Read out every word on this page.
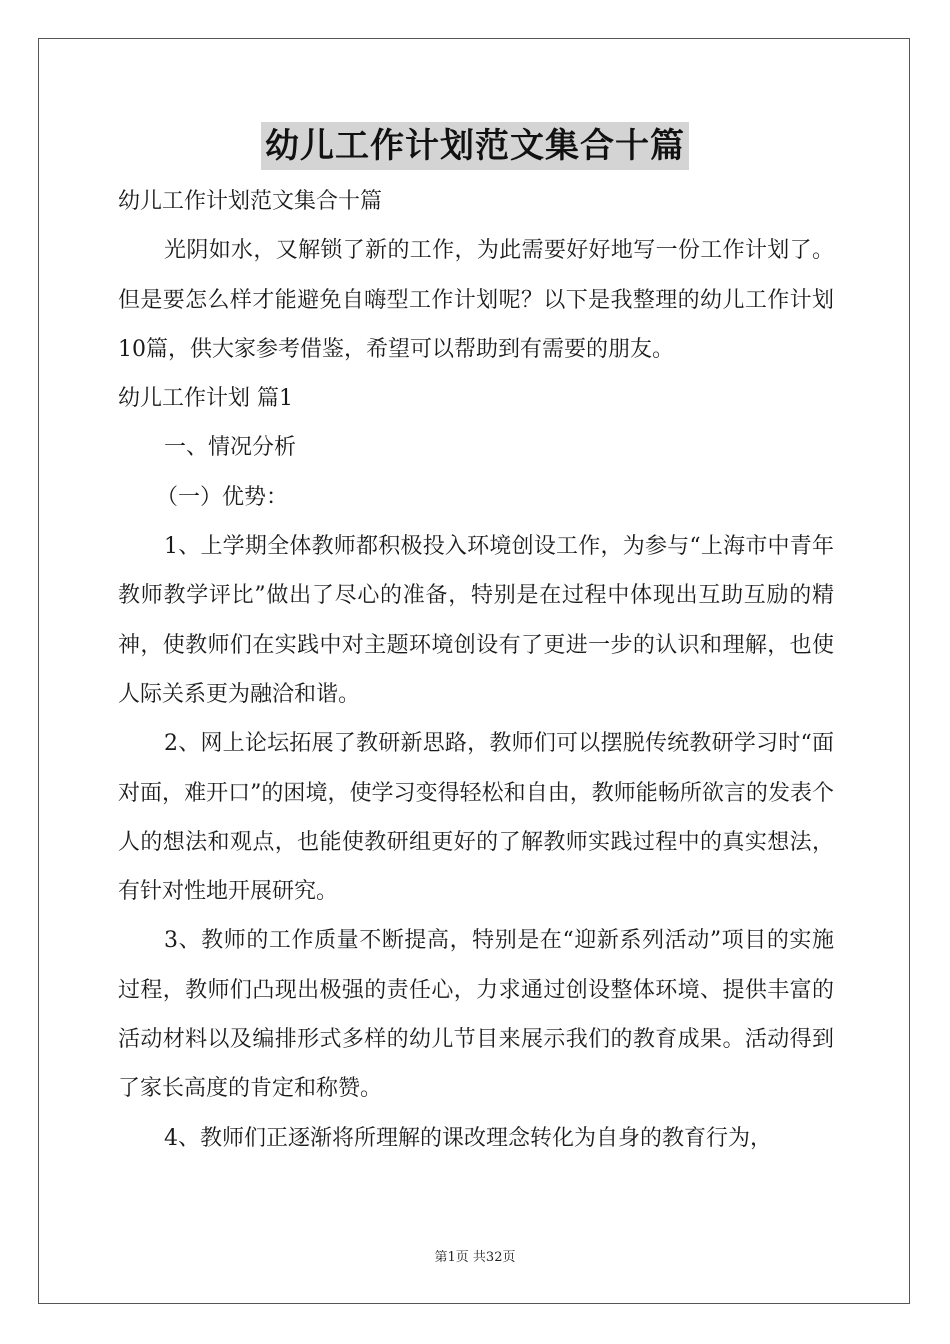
幼儿工作计划范文集合十篇

幼儿工作计划范文集合十篇

光阴如水，又解锁了新的工作，为此需要好好地写一份工作计划了。但是要怎么样才能避免自嗨型工作计划呢？以下是我整理的幼儿工作计划10篇，供大家参考借鉴，希望可以帮助到有需要的朋友。

幼儿工作计划 篇1

一、情况分析

（一）优势：

1、上学期全体教师都积极投入环境创设工作，为参与“上海市中青年教师教学评比”做出了尽心的准备，特别是在过程中体现出互助互励的精神，使教师们在实践中对主题环境创设有了更进一步的认识和理解，也使人际关系更为融洽和谐。

2、网上论坛拓展了教研新思路，教师们可以摆脱传统教研学习时“面对面，难开口”的困境，使学习变得轻松和自由，教师能畅所欲言的发表个人的想法和观点，也能使教研组更好的了解教师实践过程中的真实想法，有针对性地开展研究。

3、教师的工作质量不断提高，特别是在“迎新系列活动”项目的实施过程，教师们凸现出极强的责任心，力求通过创设整体环境、提供丰富的活动材料以及编排形式多样的幼儿节目来展示我们的教育成果。活动得到了家长高度的肯定和称赞。

4、教师们正逐渐将所理解的课改理念转化为自身的教育行为，

第1页 共32页
